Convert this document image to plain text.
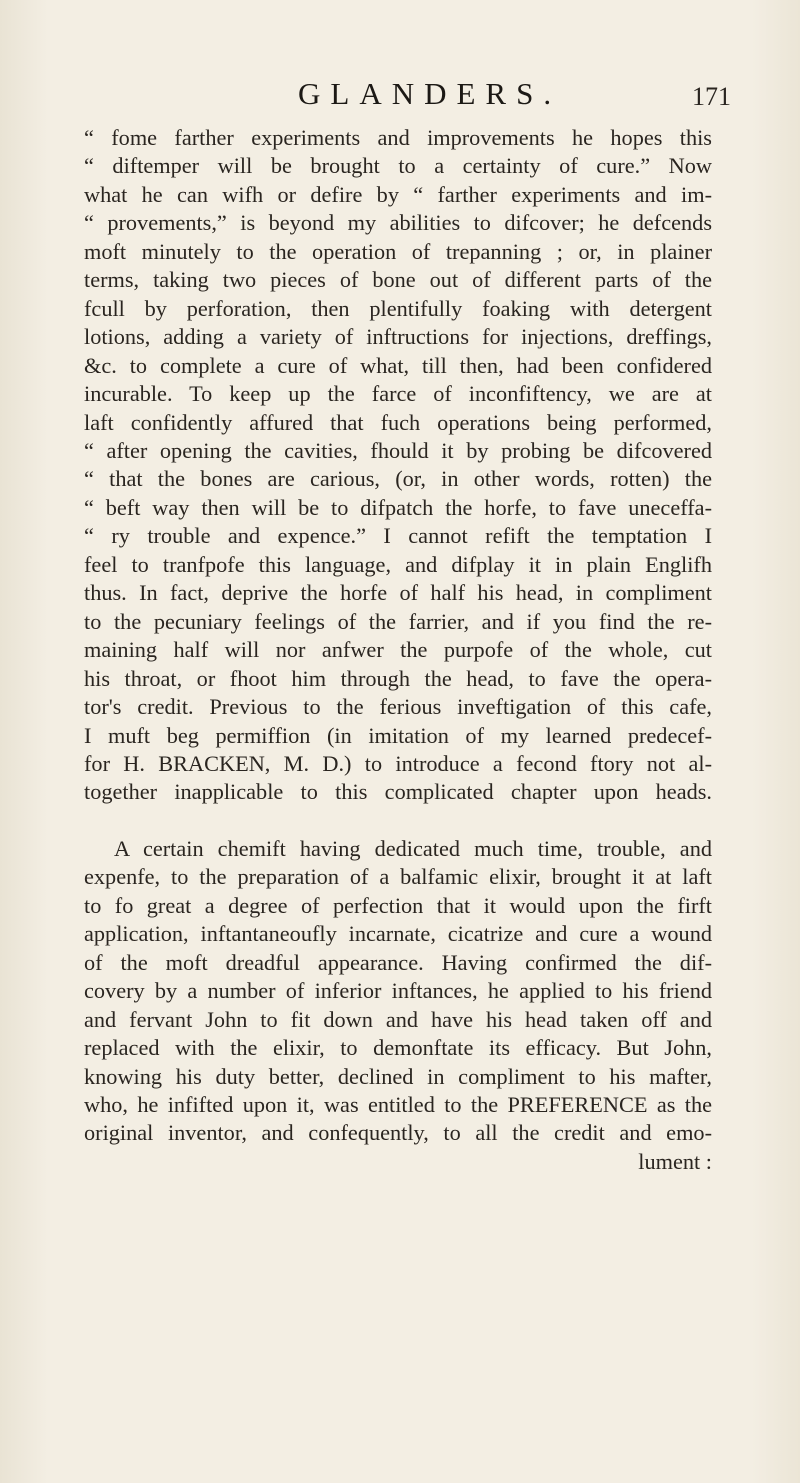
GLANDERS.	171
“ fome farther experiments and improvements he hopes this
“ diftemper will be brought to a certainty of cure.” Now
what he can wifh or defire by “ farther experiments and im-
“ provements,” is beyond my abilities to difcover; he defcends
moft minutely to the operation of trepanning ; or, in plainer
terms, taking two pieces of bone out of different parts of the
fcull by perforation, then plentifully foaking with detergent
lotions, adding a variety of inftructions for injections, dreffings,
&c. to complete a cure of what, till then, had been confidered
incurable. To keep up the farce of inconfiftency, we are at
laft confidently affured that fuch operations being performed,
“ after opening the cavities, fhould it by probing be difcovered
“ that the bones are carious, (or, in other words, rotten) the
“ beft way then will be to difpatch the horfe, to fave uneceffa-
“ ry trouble and expence.” I cannot refift the temptation I
feel to tranfpofe this language, and difplay it in plain Englifh
thus. In fact, deprive the horfe of half his head, in compliment
to the pecuniary feelings of the farrier, and if you find the re-
maining half will nor anfwer the purpofe of the whole, cut
his throat, or fhoot him through the head, to fave the opera-
tor's credit. Previous to the ferious inveftigation of this cafe,
I muft beg permiffion (in imitation of my learned predecef-
for H. BRACKEN, M. D.) to introduce a fecond ftory not al-
together inapplicable to this complicated chapter upon heads.
A certain chemift having dedicated much time, trouble, and
expenfe, to the preparation of a balfamic elixir, brought it at laft
to fo great a degree of perfection that it would upon the firft
application, inftantaneoufly incarnate, cicatrize and cure a wound
of the moft dreadful appearance. Having confirmed the dif-
covery by a number of inferior inftances, he applied to his friend
and fervant John to fit down and have his head taken off and
replaced with the elixir, to demonftate its efficacy. But John,
knowing his duty better, declined in compliment to his mafter,
who, he infifted upon it, was entitled to the PREFERENCE as the
original inventor, and confequently, to all the credit and emo-
lument :
